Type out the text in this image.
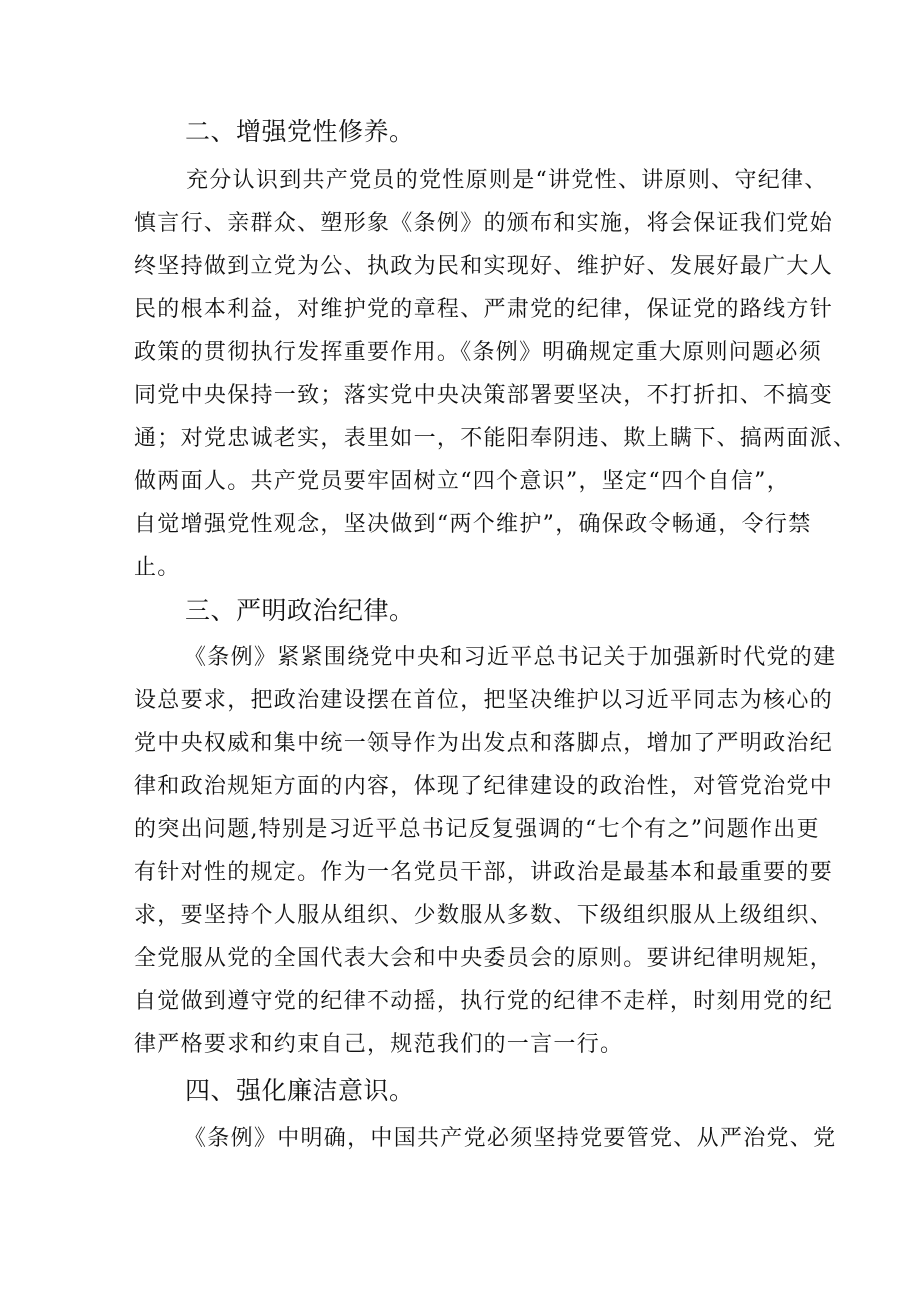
二、增强党性修养。

充分认识到共产党员的党性原则是“讲党性、讲原则、守纪律、

慎言行、亲群众、塑形象《条例》的颁布和实施，将会保证我们党始

终坚持做到立党为公、执政为民和实现好、维护好、发展好最广大人

民的根本利益，对维护党的章程、严肃党的纪律，保证党的路线方针

政策的贯彻执行发挥重要作用。《条例》明确规定重大原则问题必须

同党中央保持一致；落实党中央决策部署要坚决，不打折扣、不搞变

通；对党忠诚老实，表里如一，不能阳奉阴违、欺上瞒下、搞两面派、

做两面人。共产党员要牢固树立“四个意识”，坚定“四个自信”，

自觉增强党性观念，坚决做到“两个维护”，确保政令畅通，令行禁

止。

三、严明政治纪律。

《条例》紧紧围绕党中央和习近平总书记关于加强新时代党的建

设总要求，把政治建设摆在首位，把坚决维护以习近平同志为核心的

党中央权威和集中统一领导作为出发点和落脚点，增加了严明政治纪

律和政治规矩方面的内容，体现了纪律建设的政治性，对管党治党中

的突出问题,特别是习近平总书记反复强调的“七个有之”问题作出更

有针对性的规定。作为一名党员干部，讲政治是最基本和最重要的要

求，要坚持个人服从组织、少数服从多数、下级组织服从上级组织、

全党服从党的全国代表大会和中央委员会的原则。要讲纪律明规矩，

自觉做到遵守党的纪律不动摇，执行党的纪律不走样，时刻用党的纪

律严格要求和约束自己，规范我们的一言一行。

四、强化廉洁意识。

《条例》中明确，中国共产党必须坚持党要管党、从严治党、党
